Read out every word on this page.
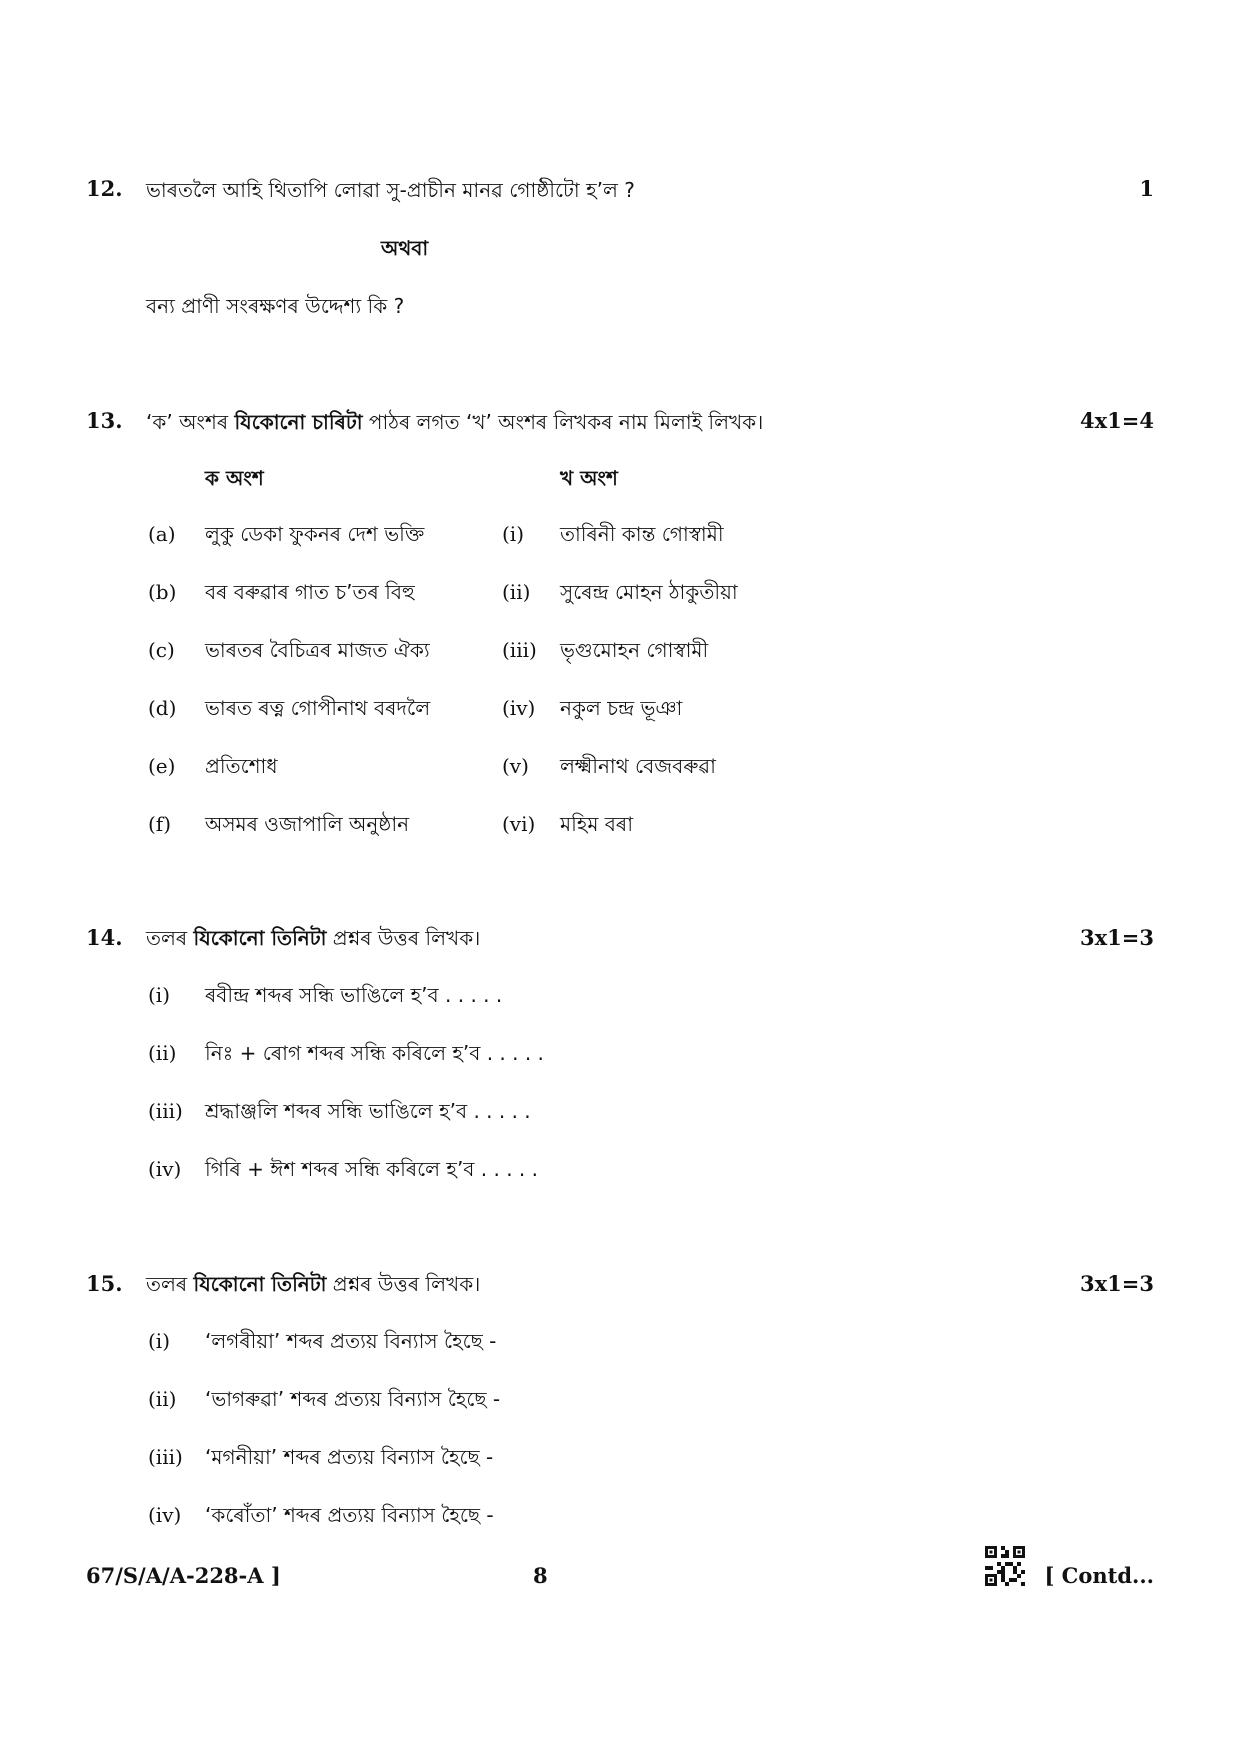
12. ভাৰতলৈ আহি থিতাপি লোৱা সু-প্ৰাচীন মানৱ গোষ্ঠীটো হ’ল ?	1
অথবা
বন্য প্ৰাণী সংৰক্ষণৰ উদ্দেশ্য কি ?
13. ‘ক’ অংশৰ যিকোনো চাৰিটা পাঠৰ লগত ‘খ’ অংশৰ লিখকৰ নাম মিলাই লিখক।	4x1=4
ক অংশ	খ অংশ
(a) লুকু ডেকা ফুকনৰ দেশ ভক্তি	(i) তাৰিনী কান্ত গোস্বামী
(b) বৰ বৰুৱাৰ গাত চ’তৰ বিহু	(ii) সুৰেন্দ্ৰ মোহন ঠাকুতীয়া
(c) ভাৰতৰ বৈচিত্ৰৰ মাজত ঐক্য	(iii) ভৃগুমোহন গোস্বামী
(d) ভাৰত ৰত্ন গোপীনাথ বৰদলৈ	(iv) নকুল চন্দ্ৰ ভূঞা
(e) প্ৰতিশোধ	(v) লক্ষ্মীনাথ বেজবৰুৱা
(f) অসমৰ ওজাপালি অনুষ্ঠান	(vi) মহিম বৰা
14. তলৰ যিকোনো তিনিটা প্ৰশ্নৰ উত্তৰ লিখক।	3x1=3
(i) ৰবীন্দ্ৰ শব্দৰ সন্ধি ভাঙিলে হ’ব . . . . .
(ii) নিঃ + ৰোগ শব্দৰ সন্ধি কৰিলে হ’ব . . . . .
(iii) শ্ৰদ্ধাঞ্জলি শব্দৰ সন্ধি ভাঙিলে হ’ব . . . . .
(iv) গিৰি + ঈশ শব্দৰ সন্ধি কৰিলে হ’ব . . . . .
15. তলৰ যিকোনো তিনিটা প্ৰশ্নৰ উত্তৰ লিখক।	3x1=3
(i) ‘লগৰীয়া’ শব্দৰ প্ৰত্যয় বিন্যাস হৈছে -
(ii) ‘ভাগৰুৱা’ শব্দৰ প্ৰত্যয় বিন্যাস হৈছে -
(iii) ‘মগনীয়া’ শব্দৰ প্ৰত্যয় বিন্যাস হৈছে -
(iv) ‘কৰোঁতা’ শব্দৰ প্ৰত্যয় বিন্যাস হৈছে -
67/S/A/A-228-A ]	8	[ Contd...
